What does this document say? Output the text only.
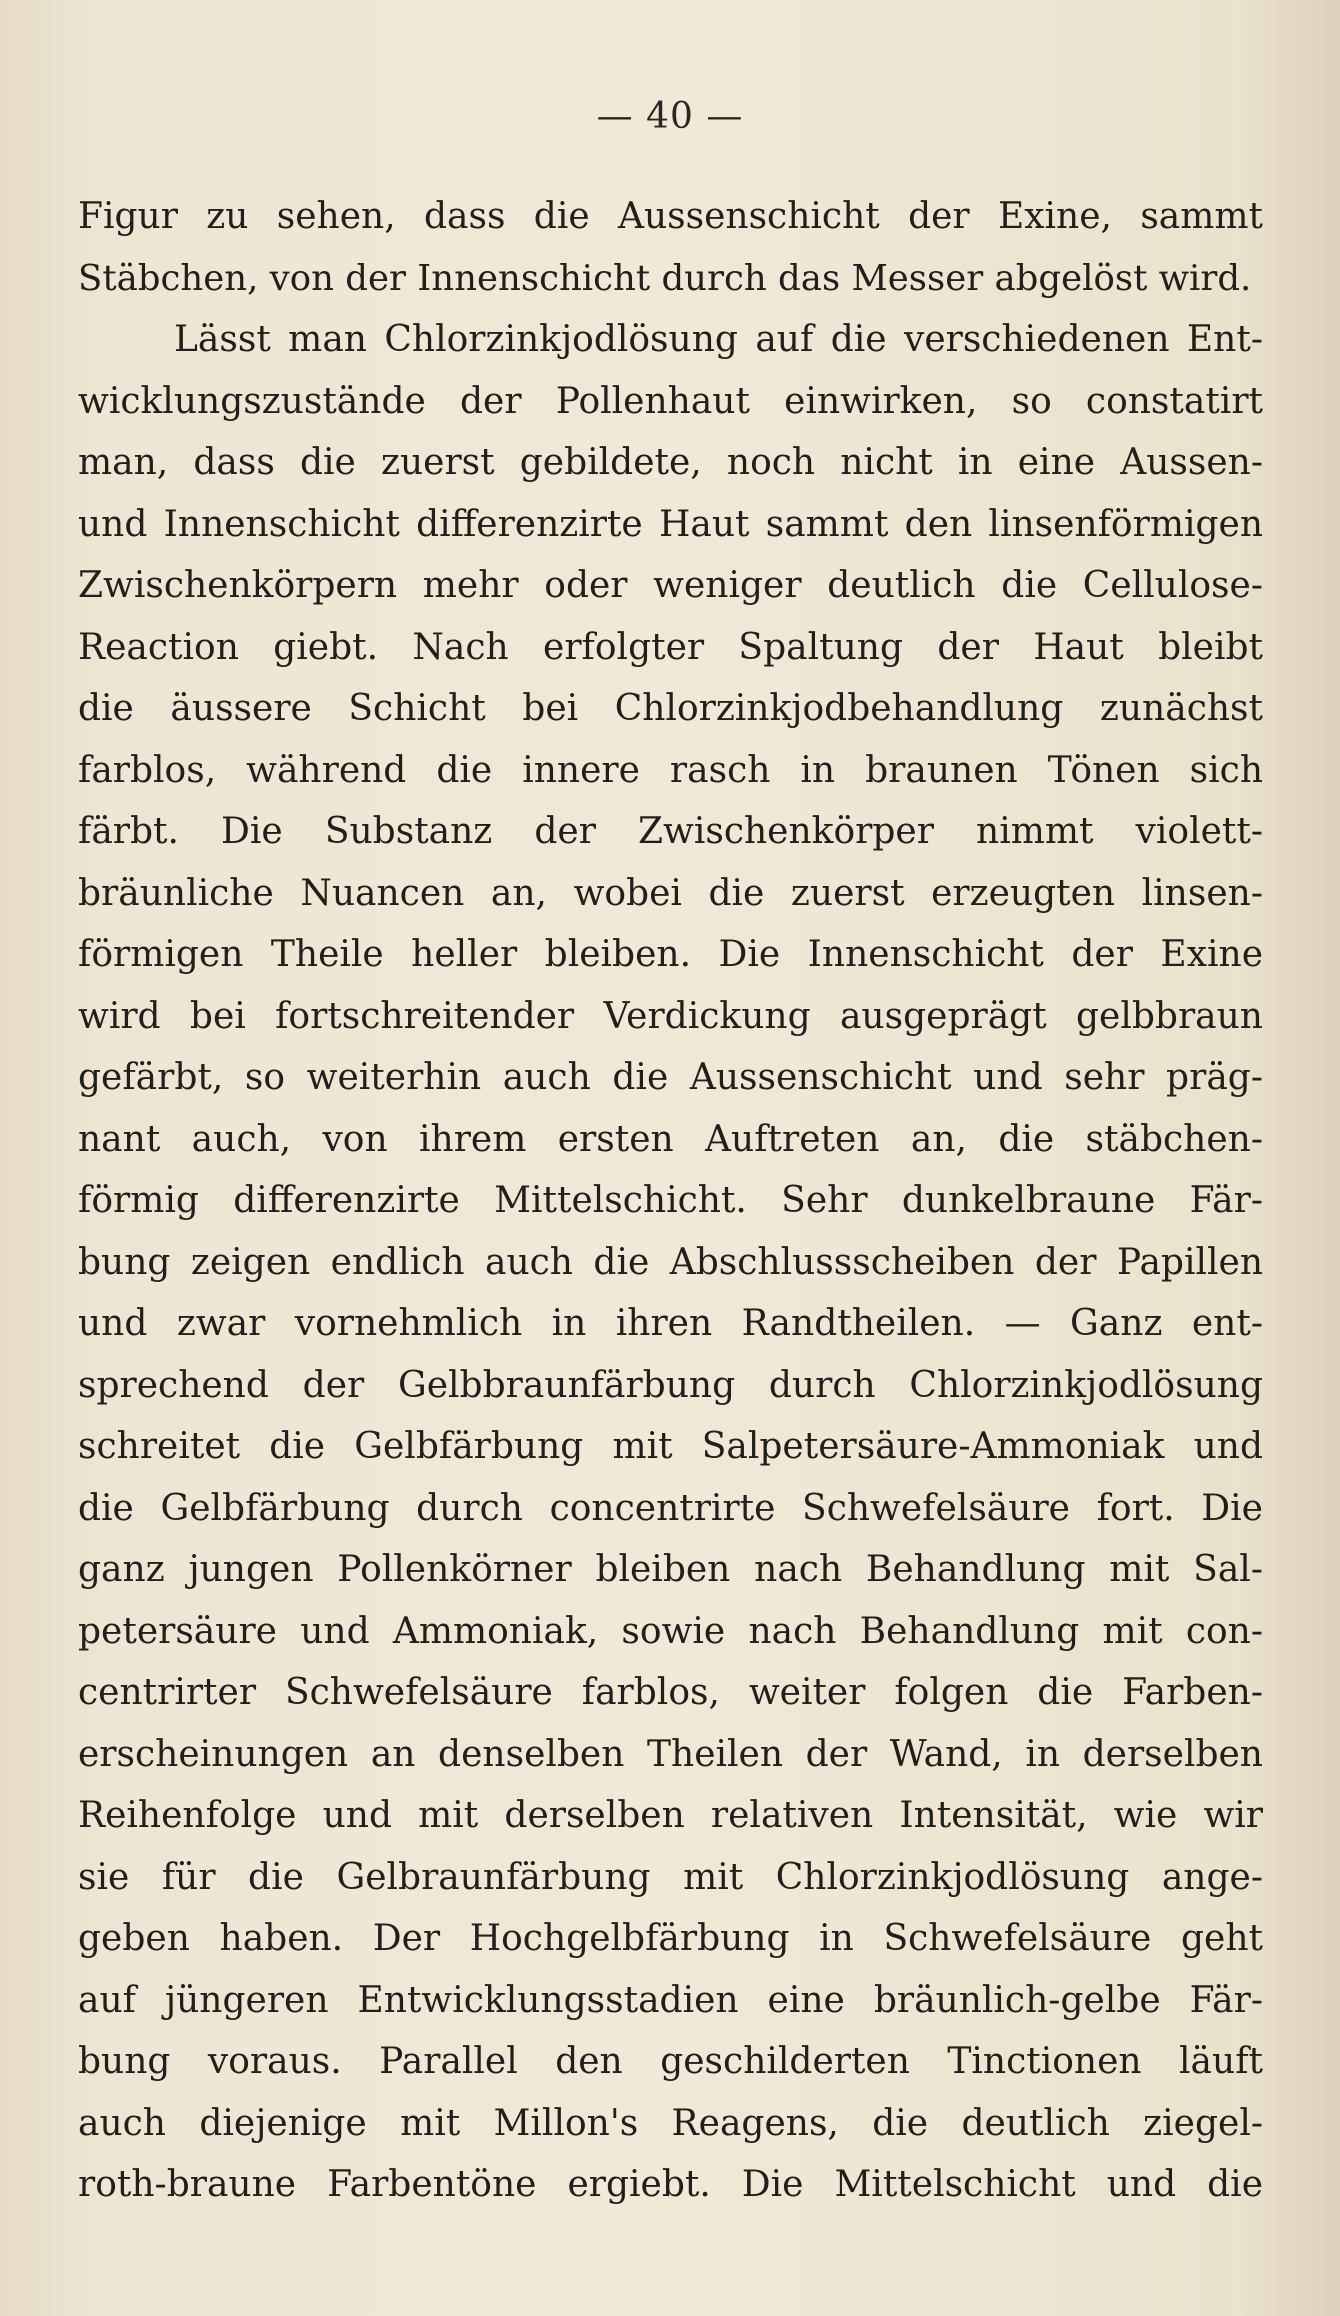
— 40 —
Figur zu sehen, dass die Aussenschicht der Exine, sammt
Stäbchen, von der Innenschicht durch das Messer abgelöst wird.
Lässt man Chlorzinkjodlösung auf die verschiedenen Ent-
wicklungszustände der Pollenhaut einwirken, so constatirt
man, dass die zuerst gebildete, noch nicht in eine Aussen-
und Innenschicht differenzirte Haut sammt den linsenförmigen
Zwischenkörpern mehr oder weniger deutlich die Cellulose-
Reaction giebt. Nach erfolgter Spaltung der Haut bleibt
die äussere Schicht bei Chlorzinkjodbehandlung zunächst
farblos, während die innere rasch in braunen Tönen sich
färbt. Die Substanz der Zwischenkörper nimmt violett-
bräunliche Nuancen an, wobei die zuerst erzeugten linsen-
förmigen Theile heller bleiben. Die Innenschicht der Exine
wird bei fortschreitender Verdickung ausgeprägt gelbbraun
gefärbt, so weiterhin auch die Aussenschicht und sehr präg-
nant auch, von ihrem ersten Auftreten an, die stäbchen-
förmig differenzirte Mittelschicht. Sehr dunkelbraune Fär-
bung zeigen endlich auch die Abschlussscheiben der Papillen
und zwar vornehmlich in ihren Randtheilen. — Ganz ent-
sprechend der Gelbbraunfärbung durch Chlorzinkjodlösung
schreitet die Gelbfärbung mit Salpetersäure-Ammoniak und
die Gelbfärbung durch concentrirte Schwefelsäure fort. Die
ganz jungen Pollenkörner bleiben nach Behandlung mit Sal-
petersäure und Ammoniak, sowie nach Behandlung mit con-
centrirter Schwefelsäure farblos, weiter folgen die Farben-
erscheinungen an denselben Theilen der Wand, in derselben
Reihenfolge und mit derselben relativen Intensität, wie wir
sie für die Gelbraunfärbung mit Chlorzinkjodlösung ange-
geben haben. Der Hochgelbfärbung in Schwefelsäure geht
auf jüngeren Entwicklungsstadien eine bräunlich-gelbe Fär-
bung voraus. Parallel den geschilderten Tinctionen läuft
auch diejenige mit Millon's Reagens, die deutlich ziegel-
roth-braune Farbentöne ergiebt. Die Mittelschicht und die
